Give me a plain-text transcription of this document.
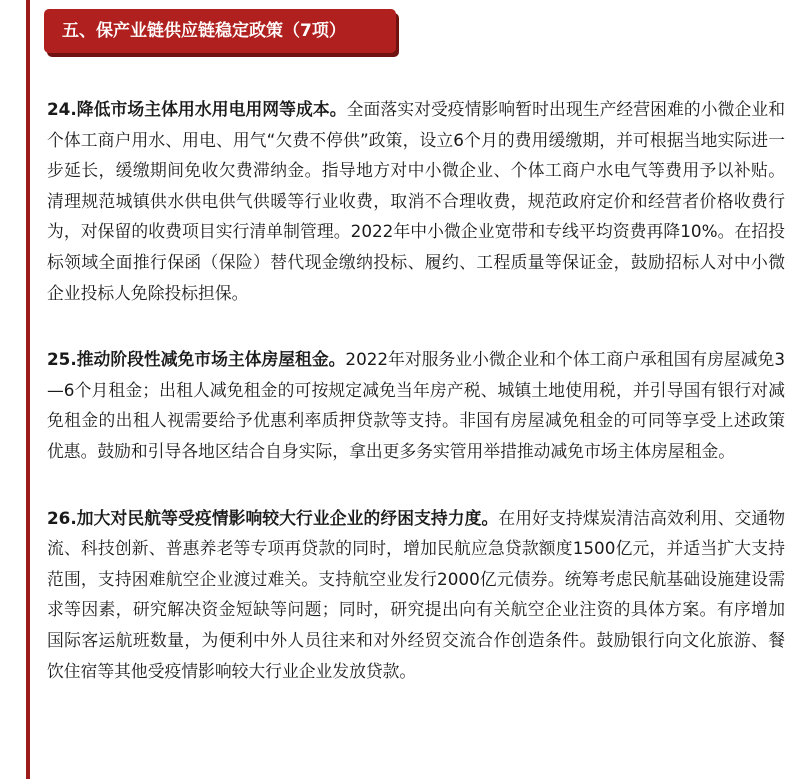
五、保产业链供应链稳定政策（7项）

24.降低市场主体用水用电用网等成本。全面落实对受疫情影响暂时出现生产经营困难的小微企业和个体工商户用水、用电、用气“欠费不停供”政策，设立6个月的费用缓缴期，并可根据当地实际进一步延长，缓缴期间免收欠费滞纳金。指导地方对中小微企业、个体工商户水电气等费用予以补贴。清理规范城镇供水供电供气供暖等行业收费，取消不合理收费，规范政府定价和经营者价格收费行为，对保留的收费项目实行清单制管理。2022年中小微企业宽带和专线平均资费再降10%。在招投标领域全面推行保函（保险）替代现金缴纳投标、履约、工程质量等保证金，鼓励招标人对中小微企业投标人免除投标担保。

25.推动阶段性减免市场主体房屋租金。2022年对服务业小微企业和个体工商户承租国有房屋减免3—6个月租金；出租人减免租金的可按规定减免当年房产税、城镇土地使用税，并引导国有银行对减免租金的出租人视需要给予优惠利率质押贷款等支持。非国有房屋减免租金的可同等享受上述政策优惠。鼓励和引导各地区结合自身实际，拿出更多务实管用举措推动减免市场主体房屋租金。

26.加大对民航等受疫情影响较大行业企业的纾困支持力度。在用好支持煤炭清洁高效利用、交通物流、科技创新、普惠养老等专项再贷款的同时，增加民航应急贷款额度1500亿元，并适当扩大支持范围，支持困难航空企业渡过难关。支持航空业发行2000亿元债券。统筹考虑民航基础设施建设需求等因素，研究解决资金短缺等问题；同时，研究提出向有关航空企业注资的具体方案。有序增加国际客运航班数量，为便利中外人员往来和对外经贸交流合作创造条件。鼓励银行向文化旅游、餐饮住宿等其他受疫情影响较大行业企业发放贷款。
